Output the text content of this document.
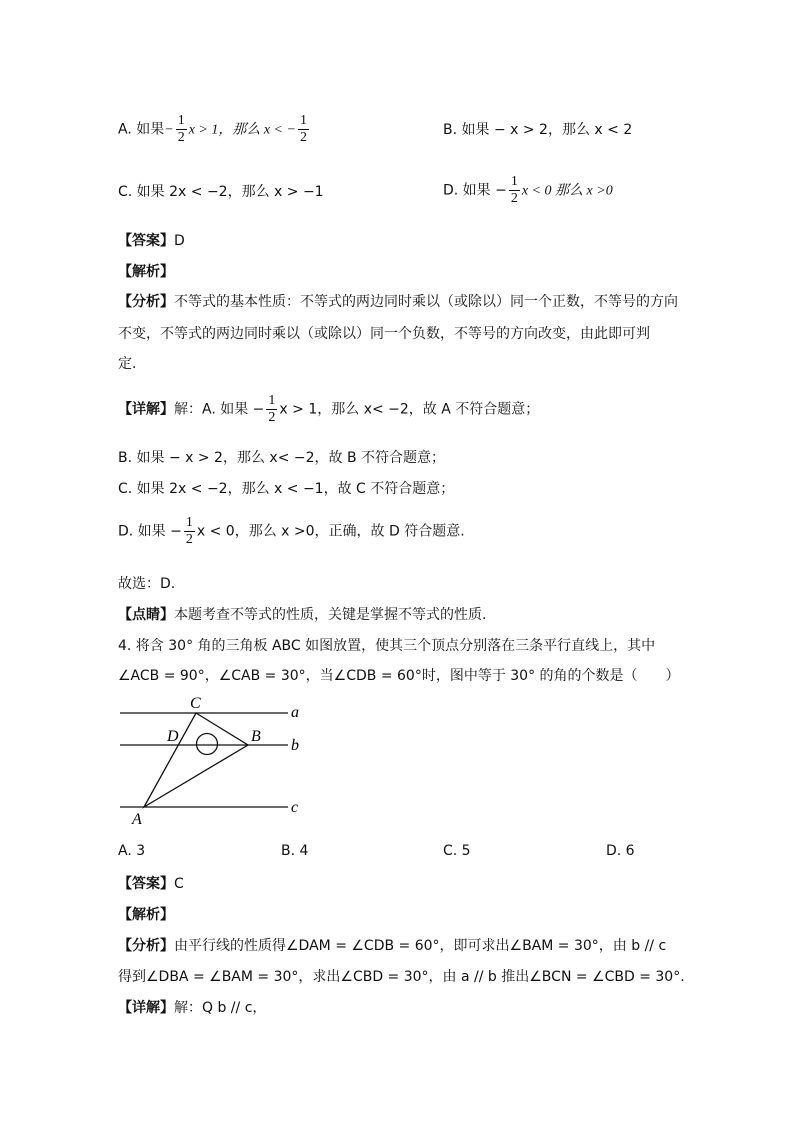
A. 如果− $\frac{1}{2}$ x > 1，那么 x < − $\frac{1}{2}$	B. 如果 − x > 2，那么 x < 2
C. 如果 2x < −2，那么 x > −1	D. 如果 − $\frac{1}{2}$ x < 0 那么 x >0
【答案】D
【解析】
【分析】不等式的基本性质：不等式的两边同时乘以（或除以）同一个正数，不等号的方向
不变，不等式的两边同时乘以（或除以）同一个负数，不等号的方向改变，由此即可判
定.
【详解】解：A. 如果 − $\frac{1}{2}$ x > 1，那么 x< −2，故 A 不符合题意；
B. 如果 − x > 2，那么 x< −2，故 B 不符合题意；
C. 如果 2x < −2，那么 x < −1，故 C 不符合题意；
D. 如果 − $\frac{1}{2}$ x < 0，那么 x >0，正确，故 D 符合题意.
故选：D.
【点睛】本题考查不等式的性质，关键是掌握不等式的性质.
4. 将含 30° 角的三角板 ABC 如图放置，使其三个顶点分别落在三条平行直线上，其中
∠ACB = 90°，∠CAB = 30°，当∠CDB = 60°时，图中等于 30° 的角的个数是（　　）
C
D	B
A
a
b
c
A. 3	B. 4	C. 5	D. 6
【答案】C
【解析】
【分析】由平行线的性质得∠DAM = ∠CDB = 60°，即可求出∠BAM = 30°，由 b // c
得到∠DBA = ∠BAM = 30°，求出∠CBD = 30°，由 a // b 推出∠BCN = ∠CBD = 30°.
【详解】解：Q b // c，
